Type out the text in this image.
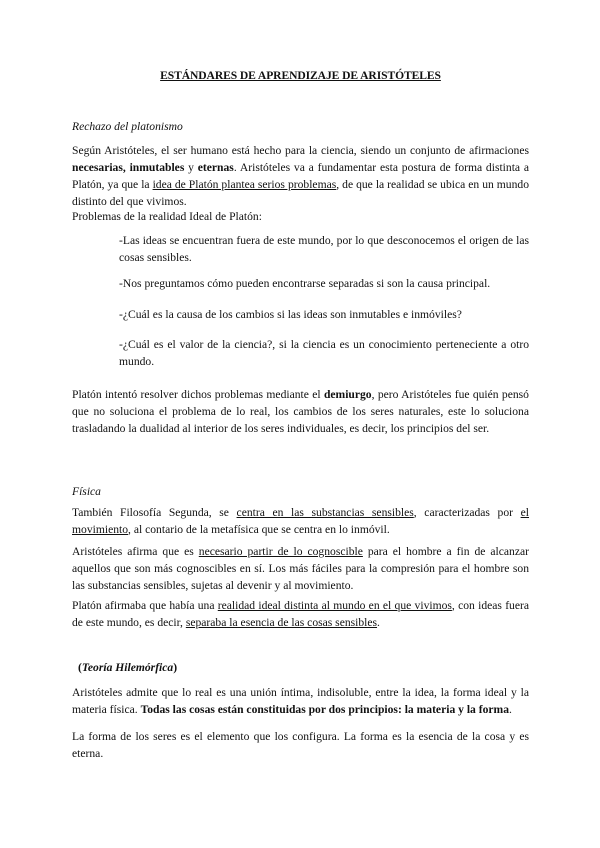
ESTÁNDARES DE APRENDIZAJE DE ARISTÓTELES
Rechazo del platonismo

Según Aristóteles, el ser humano está hecho para la ciencia, siendo un conjunto de afirmaciones necesarias, inmutables y eternas. Aristóteles va a fundamentar esta postura de forma distinta a Platón, ya que la idea de Platón plantea serios problemas, de que la realidad se ubica en un mundo distinto del que vivimos.

Problemas de la realidad Ideal de Platón:

-Las ideas se encuentran fuera de este mundo, por lo que desconocemos el origen de las cosas sensibles.

-Nos preguntamos cómo pueden encontrarse separadas si son la causa principal.

-¿Cuál es la causa de los cambios si las ideas son inmutables e inmóviles?

-¿Cuál es el valor de la ciencia?, si la ciencia es un conocimiento perteneciente a otro mundo.

Platón intentó resolver dichos problemas mediante el demiurgo, pero Aristóteles fue quién pensó que no soluciona el problema de lo real, los cambios de los seres naturales, este lo soluciona trasladando la dualidad al interior de los seres individuales, es decir, los principios del ser.

Física

También Filosofía Segunda, se centra en las substancias sensibles, caracterizadas por el movimiento, al contario de la metafísica que se centra en lo inmóvil.

Aristóteles afirma que es necesario partir de lo cognoscible para el hombre a fin de alcanzar aquellos que son más cognoscibles en sí. Los más fáciles para la compresión para el hombre son las substancias sensibles, sujetas al devenir y al movimiento.

Platón afirmaba que había una realidad ideal distinta al mundo en el que vivimos, con ideas fuera de este mundo, es decir, separaba la esencia de las cosas sensibles.

(Teoría Hilemórfica)

Aristóteles admite que lo real es una unión íntima, indisoluble, entre la idea, la forma ideal y la materia física. Todas las cosas están constituidas por dos principios: la materia y la forma.

La forma de los seres es el elemento que los configura. La forma es la esencia de la cosa y es eterna.
